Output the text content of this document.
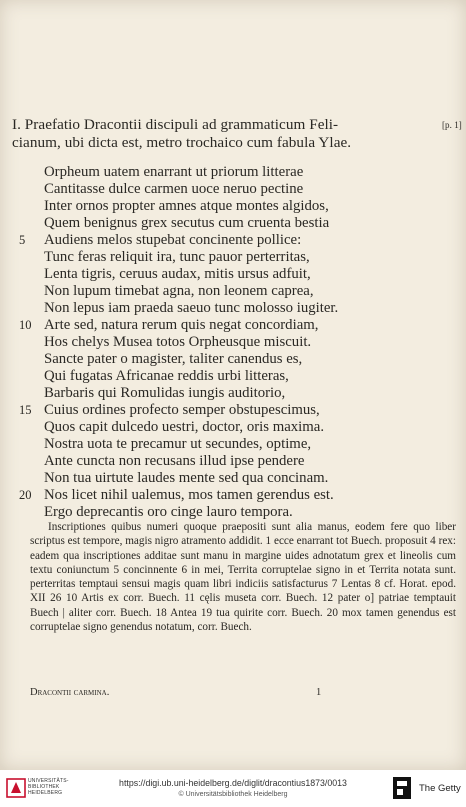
I. Praefatio Dracontii discipuli ad grammaticum Feli-
cianum, ubi dicta est, metro trochaico cum fabula Ylae.
[p. 1]
Orpheum uatem enarrant ut priorum litterae
Cantitasse dulce carmen uoce neruo pectine
Inter ornos propter amnes atque montes algidos,
Quem benignus grex secutus cum cruenta bestia
5	Audiens melos stupebat concinente pollice:
Tunc feras reliquit ira, tunc pauor perterritas,
Lenta tigris, ceruus audax, mitis ursus adfuit,
Non lupum timebat agna, non leonem caprea,
Non lepus iam praeda saeuo tunc molosso iugiter.
10 Arte sed, natura rerum quis negat concordiam,
Hos chelys Musea totos Orpheusque miscuit.
Sancte pater o magister, taliter canendus es,
Qui fugatas Africanae reddis urbi litteras,
Barbaris qui Romulidas iungis auditorio,
15 Cuius ordines profecto semper obstupescimus,
Quos capit dulcedo uestri, doctor, oris maxima.
Nostra uota te precamur ut secundes, optime,
Ante cuncta non recusans illud ipse pendere
Non tua uirtute laudes mente sed qua concinam.
20 Nos licet nihil ualemus, mos tamen gerendus est.
Ergo deprecantis oro cinge lauro tempora.

Inscriptiones quibus numeri quoque praepositi sunt alia manus, eodem fere quo liber scriptus est tempore, magis nigro atramento addidit. 1 ecce enarrant tot Buech. proposuit 4 rex: eadem qua inscriptiones additae sunt manu in margine uides adnotatum grex et lineolis cum textu coniunctum 5 concinnente 6 in mei, Territa corruptelae signo in et Territa notata sunt. perterritas temptaui sensui magis quam libri indiciis satisfacturus 7 Lentas 8 cf. Horat. epod. XII 26 10 Artis ex corr. Buech. 11 cęlis museta corr. Buech. 12 pater o] patriae temptauit Buech | aliter corr. Buech. 18 Antea 19 tua quirite corr. Buech. 20 mox tamen genendus est corruptelae signo genendus notatum, corr. Buech.

Dracontii carmina.	1
UNIVERSITÄTS-BIBLIOTHEK HEIDELBERG
https://digi.ub.uni-heidelberg.de/diglit/dracontius1873/0013
© Universitätsbibliothek Heidelberg
The Getty
